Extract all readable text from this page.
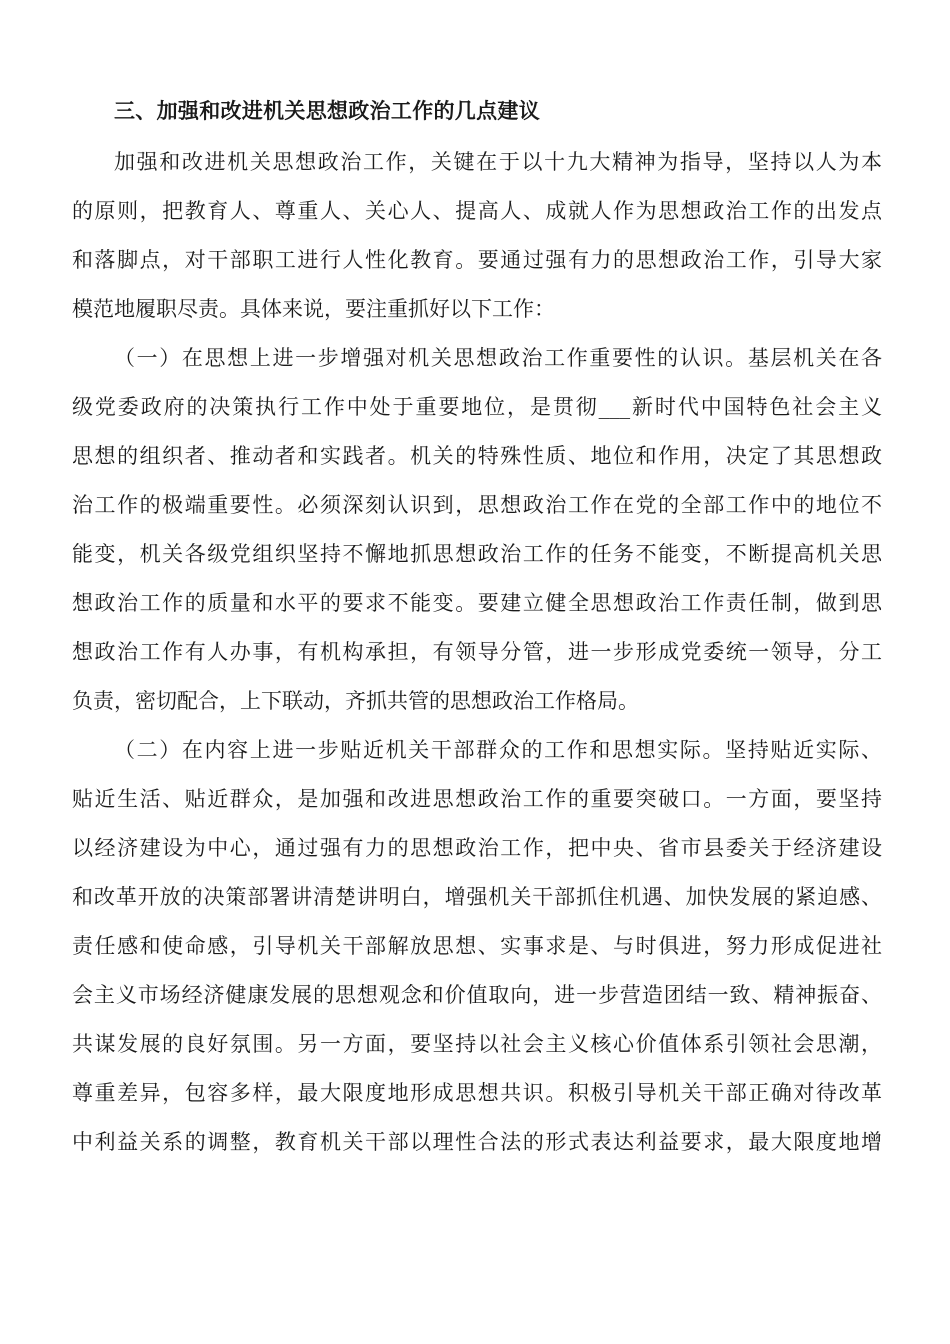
三、加强和改进机关思想政治工作的几点建议
加强和改进机关思想政治工作，关键在于以十九大精神为指导，坚持以人为本
的原则，把教育人、尊重人、关心人、提高人、成就人作为思想政治工作的出发点
和落脚点，对干部职工进行人性化教育。要通过强有力的思想政治工作，引导大家
模范地履职尽责。具体来说，要注重抓好以下工作：
（一）在思想上进一步增强对机关思想政治工作重要性的认识。基层机关在各
级党委政府的决策执行工作中处于重要地位，是贯彻___新时代中国特色社会主义
思想的组织者、推动者和实践者。机关的特殊性质、地位和作用，决定了其思想政
治工作的极端重要性。必须深刻认识到，思想政治工作在党的全部工作中的地位不
能变，机关各级党组织坚持不懈地抓思想政治工作的任务不能变，不断提高机关思
想政治工作的质量和水平的要求不能变。要建立健全思想政治工作责任制，做到思
想政治工作有人办事，有机构承担，有领导分管，进一步形成党委统一领导，分工
负责，密切配合，上下联动，齐抓共管的思想政治工作格局。
（二）在内容上进一步贴近机关干部群众的工作和思想实际。坚持贴近实际、
贴近生活、贴近群众，是加强和改进思想政治工作的重要突破口。一方面，要坚持
以经济建设为中心，通过强有力的思想政治工作，把中央、省市县委关于经济建设
和改革开放的决策部署讲清楚讲明白，增强机关干部抓住机遇、加快发展的紧迫感、
责任感和使命感，引导机关干部解放思想、实事求是、与时俱进，努力形成促进社
会主义市场经济健康发展的思想观念和价值取向，进一步营造团结一致、精神振奋、
共谋发展的良好氛围。另一方面，要坚持以社会主义核心价值体系引领社会思潮，
尊重差异，包容多样，最大限度地形成思想共识。积极引导机关干部正确对待改革
中利益关系的调整，教育机关干部以理性合法的形式表达利益要求，最大限度地增
